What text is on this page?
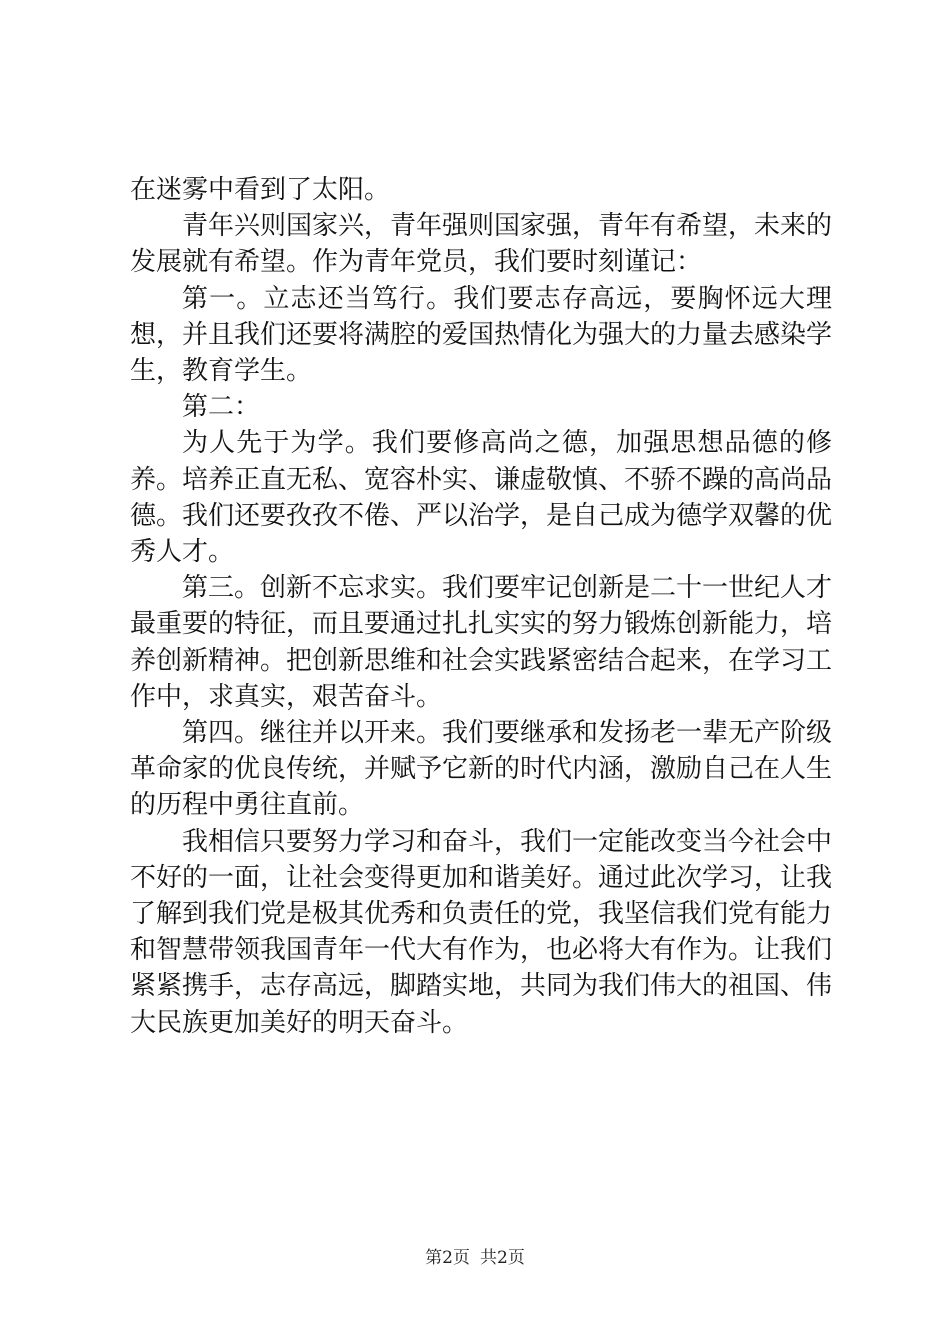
在迷雾中看到了太阳。

青年兴则国家兴，青年强则国家强，青年有希望，未来的发展就有希望。作为青年党员，我们要时刻谨记：

第一。立志还当笃行。我们要志存高远，要胸怀远大理想，并且我们还要将满腔的爱国热情化为强大的力量去感染学生，教育学生。

第二：

为人先于为学。我们要修高尚之德，加强思想品德的修养。培养正直无私、宽容朴实、谦虚敬慎、不骄不躁的高尚品德。我们还要孜孜不倦、严以治学，是自己成为德学双馨的优秀人才。

第三。创新不忘求实。我们要牢记创新是二十一世纪人才最重要的特征，而且要通过扎扎实实的努力锻炼创新能力，培养创新精神。把创新思维和社会实践紧密结合起来，在学习工作中，求真实，艰苦奋斗。

第四。继往并以开来。我们要继承和发扬老一辈无产阶级革命家的优良传统，并赋予它新的时代内涵，激励自己在人生的历程中勇往直前。

我相信只要努力学习和奋斗，我们一定能改变当今社会中不好的一面，让社会变得更加和谐美好。通过此次学习，让我了解到我们党是极其优秀和负责任的党，我坚信我们党有能力和智慧带领我国青年一代大有作为，也必将大有作为。让我们紧紧携手，志存高远，脚踏实地，共同为我们伟大的祖国、伟大民族更加美好的明天奋斗。

第2页 共2页
